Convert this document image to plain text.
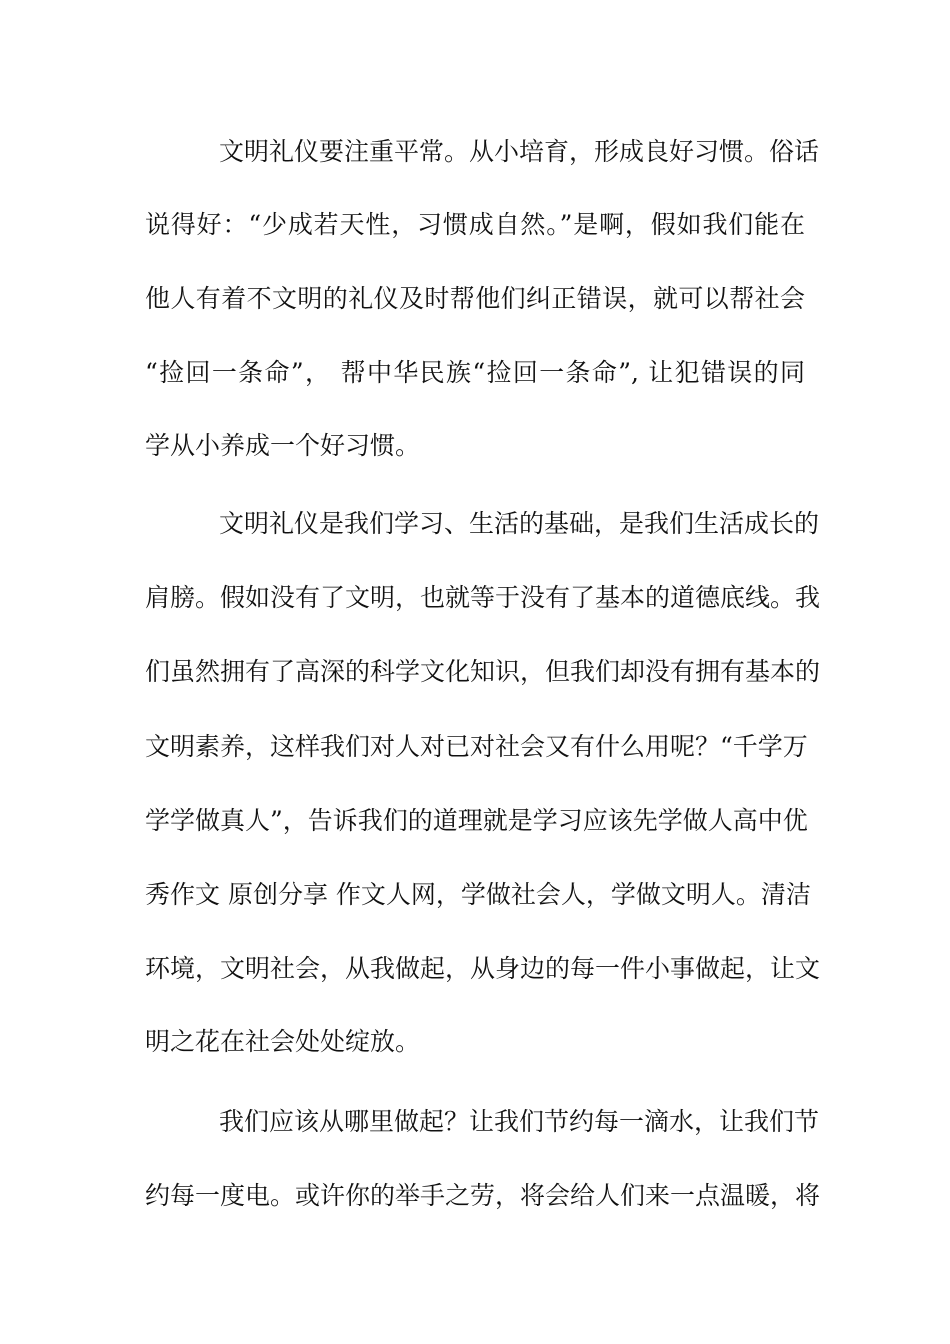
文明礼仪要注重平常。从小培育，形成良好习惯。俗话
说得好：“少成若天性，习惯成自然。”是啊，假如我们能在
他人有着不文明的礼仪及时帮他们纠正错误，就可以帮社会
“捡回一条命”， 帮中华民族“捡回一条命”, 让犯错误的同
学从小养成一个好习惯。
文明礼仪是我们学习、生活的基础，是我们生活成长的
肩膀。假如没有了文明，也就等于没有了基本的道德底线。我
们虽然拥有了高深的科学文化知识，但我们却没有拥有基本的
文明素养，这样我们对人对已对社会又有什么用呢？“千学万
学学做真人”，告诉我们的道理就是学习应该先学做人高中优
秀作文 原创分享 作文人网，学做社会人，学做文明人。清洁
环境，文明社会，从我做起，从身边的每一件小事做起，让文
明之花在社会处处绽放。
我们应该从哪里做起？让我们节约每一滴水，让我们节
约每一度电。或许你的举手之劳，将会给人们来一点温暖，将
